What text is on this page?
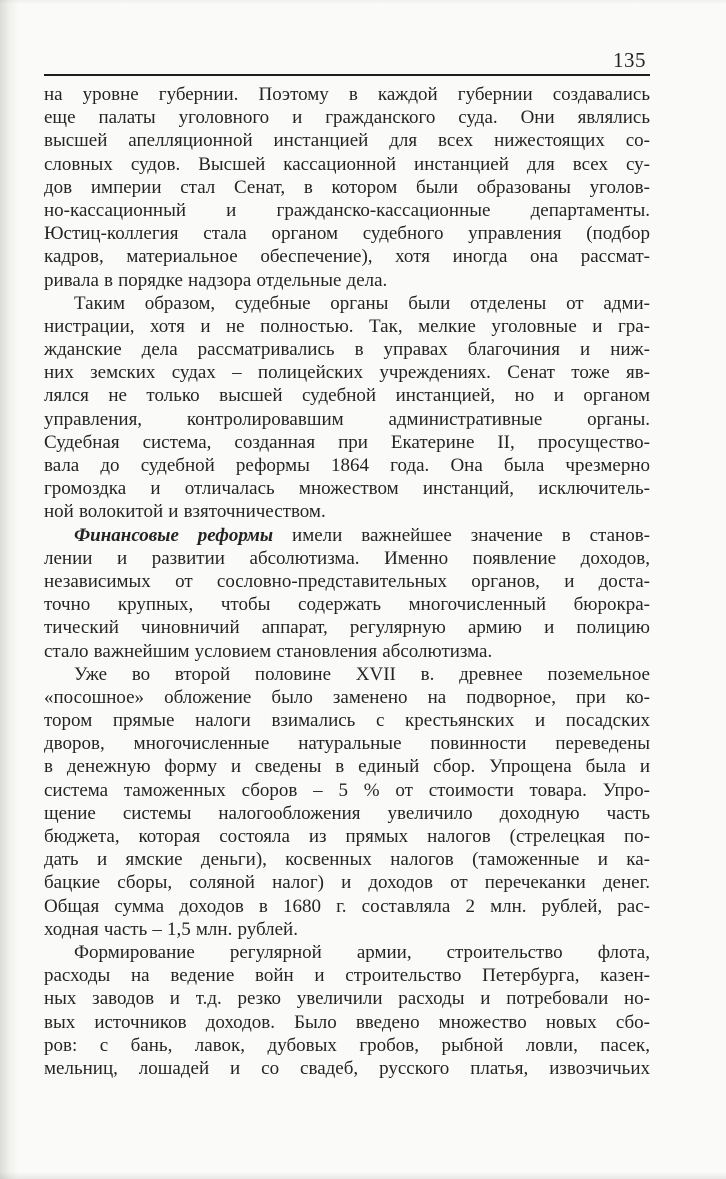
135
на уровне губернии. Поэтому в каждой губернии создавались
еще палаты уголовного и гражданского суда. Они являлись
высшей апелляционной инстанцией для всех нижестоящих со-
словных судов. Высшей кассационной инстанцией для всех су-
дов империи стал Сенат, в котором были образованы уголов-
но-кассационный и гражданско-кассационные департаменты.
Юстиц-коллегия стала органом судебного управления (подбор
кадров, материальное обеспечение), хотя иногда она рассмат-
ривала в порядке надзора отдельные дела.
Таким образом, судебные органы были отделены от адми-
нистрации, хотя и не полностью. Так, мелкие уголовные и гра-
жданские дела рассматривались в управах благочиния и ниж-
них земских судах – полицейских учреждениях. Сенат тоже яв-
лялся не только высшей судебной инстанцией, но и органом
управления, контролировавшим административные органы.
Судебная система, созданная при Екатерине II, просущество-
вала до судебной реформы 1864 года. Она была чрезмерно
громоздка и отличалась множеством инстанций, исключитель-
ной волокитой и взяточничеством.
Финансовые реформы имели важнейшее значение в станов-
лении и развитии абсолютизма. Именно появление доходов,
независимых от сословно-представительных органов, и доста-
точно крупных, чтобы содержать многочисленный бюрокра-
тический чиновничий аппарат, регулярную армию и полицию
стало важнейшим условием становления абсолютизма.
Уже во второй половине XVII в. древнее поземельное
«посошное» обложение было заменено на подворное, при ко-
тором прямые налоги взимались с крестьянских и посадских
дворов, многочисленные натуральные повинности переведены
в денежную форму и сведены в единый сбор. Упрощена была и
система таможенных сборов – 5 % от стоимости товара. Упро-
щение системы налогообложения увеличило доходную часть
бюджета, которая состояла из прямых налогов (стрелецкая по-
дать и ямские деньги), косвенных налогов (таможенные и ка-
бацкие сборы, соляной налог) и доходов от перечеканки денег.
Общая сумма доходов в 1680 г. составляла 2 млн. рублей, рас-
ходная часть – 1,5 млн. рублей.
Формирование регулярной армии, строительство флота,
расходы на ведение войн и строительство Петербурга, казен-
ных заводов и т.д. резко увеличили расходы и потребовали но-
вых источников доходов. Было введено множество новых сбо-
ров: с бань, лавок, дубовых гробов, рыбной ловли, пасек,
мельниц, лошадей и со свадеб, русского платья, извозчичьих
